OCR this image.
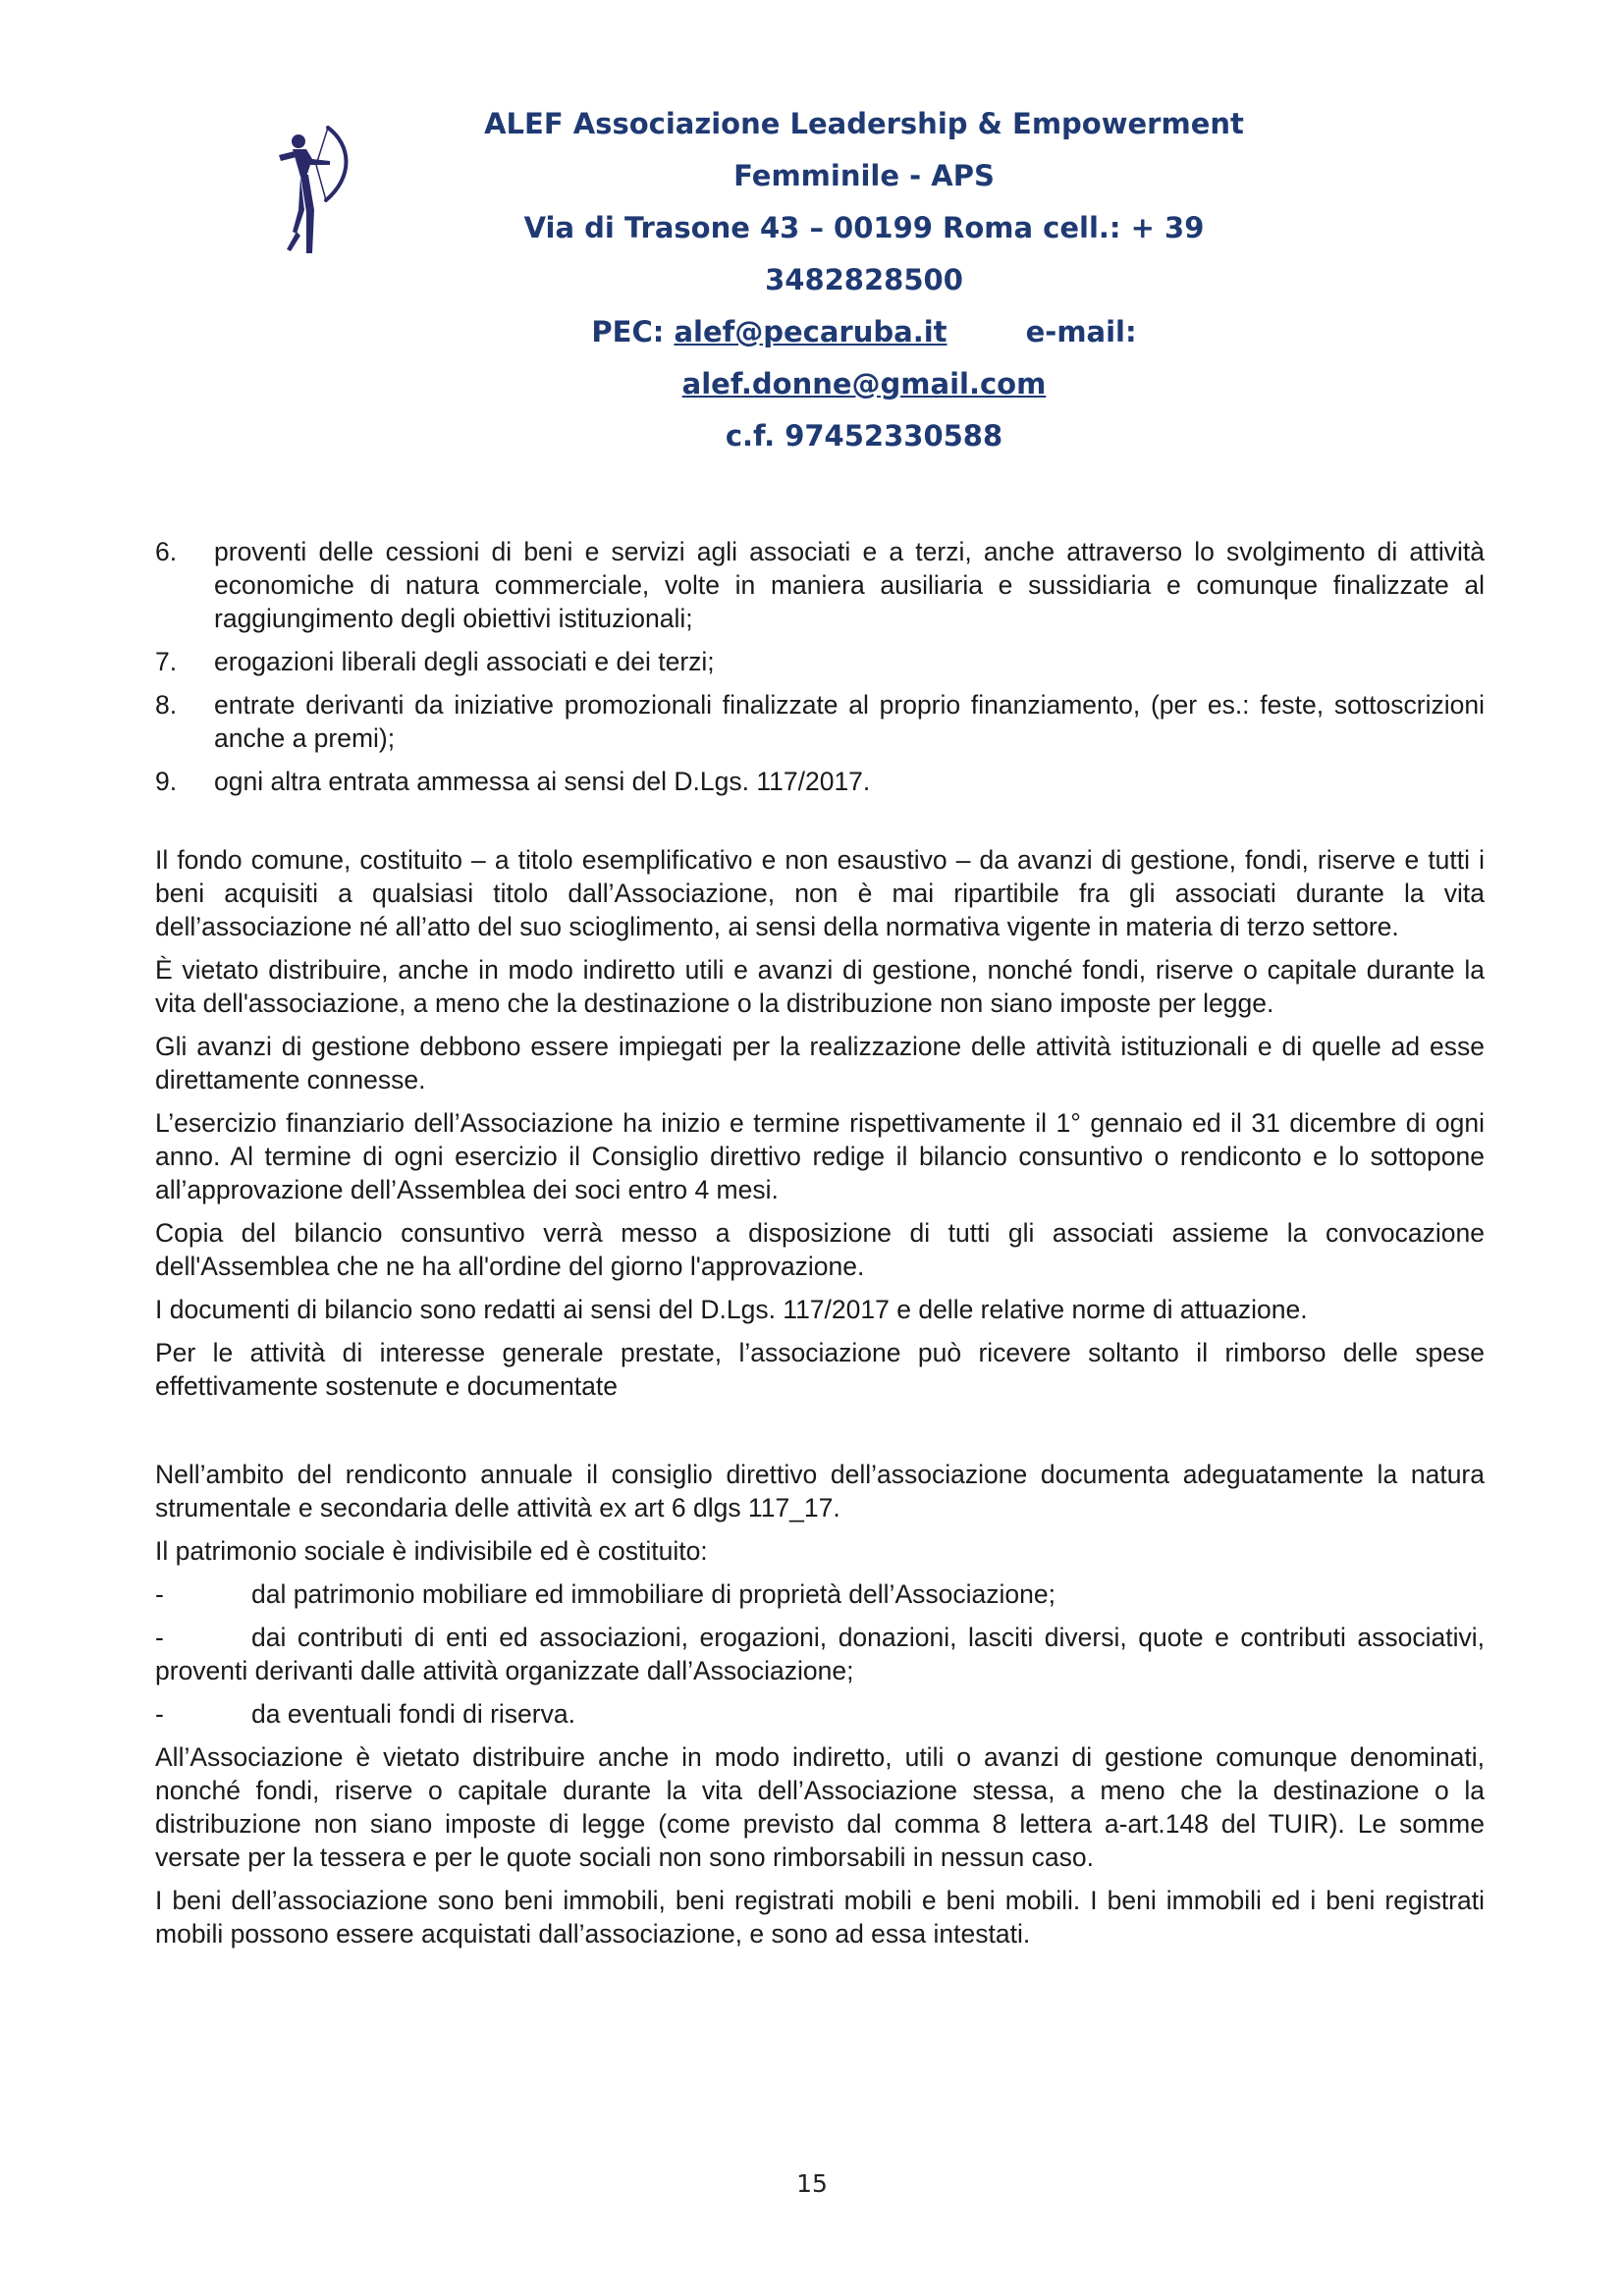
ALEF Associazione Leadership & Empowerment
Femminile - APS
Via di Trasone 43 – 00199 Roma cell.: + 39
3482828500
PEC: alef@pecaruba.it	e-mail:
alef.donne@gmail.com
c.f. 97452330588
6. proventi delle cessioni di beni e servizi agli associati e a terzi, anche attraverso lo svolgimento di attività economiche di natura commerciale, volte in maniera ausiliaria e sussidiaria e comunque finalizzate al raggiungimento degli obiettivi istituzionali;
7. erogazioni liberali degli associati e dei terzi;
8. entrate derivanti da iniziative promozionali finalizzate al proprio finanziamento, (per es.: feste, sottoscrizioni anche a premi);
9. ogni altra entrata ammessa ai sensi del D.Lgs. 117/2017.

Il fondo comune, costituito – a titolo esemplificativo e non esaustivo – da avanzi di gestione, fondi, riserve e tutti i beni acquisiti a qualsiasi titolo dall’Associazione, non è mai ripartibile fra gli associati durante la vita dell’associazione né all’atto del suo scioglimento, ai sensi della normativa vigente in materia di terzo settore.

È vietato distribuire, anche in modo indiretto utili e avanzi di gestione, nonché fondi, riserve o capitale durante la vita dell'associazione, a meno che la destinazione o la distribuzione non siano imposte per legge.

Gli avanzi di gestione debbono essere impiegati per la realizzazione delle attività istituzionali e di quelle ad esse direttamente connesse.

L’esercizio finanziario dell’Associazione ha inizio e termine rispettivamente il 1° gennaio ed il 31 dicembre di ogni anno. Al termine di ogni esercizio il Consiglio direttivo redige il bilancio consuntivo o rendiconto e lo sottopone all’approvazione dell’Assemblea dei soci entro 4 mesi.

Copia del bilancio consuntivo verrà messo a disposizione di tutti gli associati assieme la convocazione dell'Assemblea che ne ha all'ordine del giorno l'approvazione.

I documenti di bilancio sono redatti ai sensi del D.Lgs. 117/2017 e delle relative norme di attuazione.

Per le attività di interesse generale prestate, l’associazione può ricevere soltanto il rimborso delle spese effettivamente sostenute e documentate

Nell’ambito del rendiconto annuale il consiglio direttivo dell’associazione documenta adeguatamente la natura strumentale e secondaria delle attività ex art 6 dlgs 117_17.

Il patrimonio sociale è indivisibile ed è costituito:

-	dal patrimonio mobiliare ed immobiliare di proprietà dell’Associazione;
-	dai contributi di enti ed associazioni, erogazioni, donazioni, lasciti diversi, quote e contributi associativi, proventi derivanti dalle attività organizzate dall’Associazione;
-	da eventuali fondi di riserva.

All’Associazione è vietato distribuire anche in modo indiretto, utili o avanzi di gestione comunque denominati, nonché fondi, riserve o capitale durante la vita dell’Associazione stessa, a meno che la destinazione o la distribuzione non siano imposte di legge (come previsto dal comma 8 lettera a-art.148 del TUIR). Le somme versate per la tessera e per le quote sociali non sono rimborsabili in nessun caso.

I beni dell’associazione sono beni immobili, beni registrati mobili e beni mobili. I beni immobili ed i beni registrati mobili possono essere acquistati dall’associazione, e sono ad essa intestati.

15
